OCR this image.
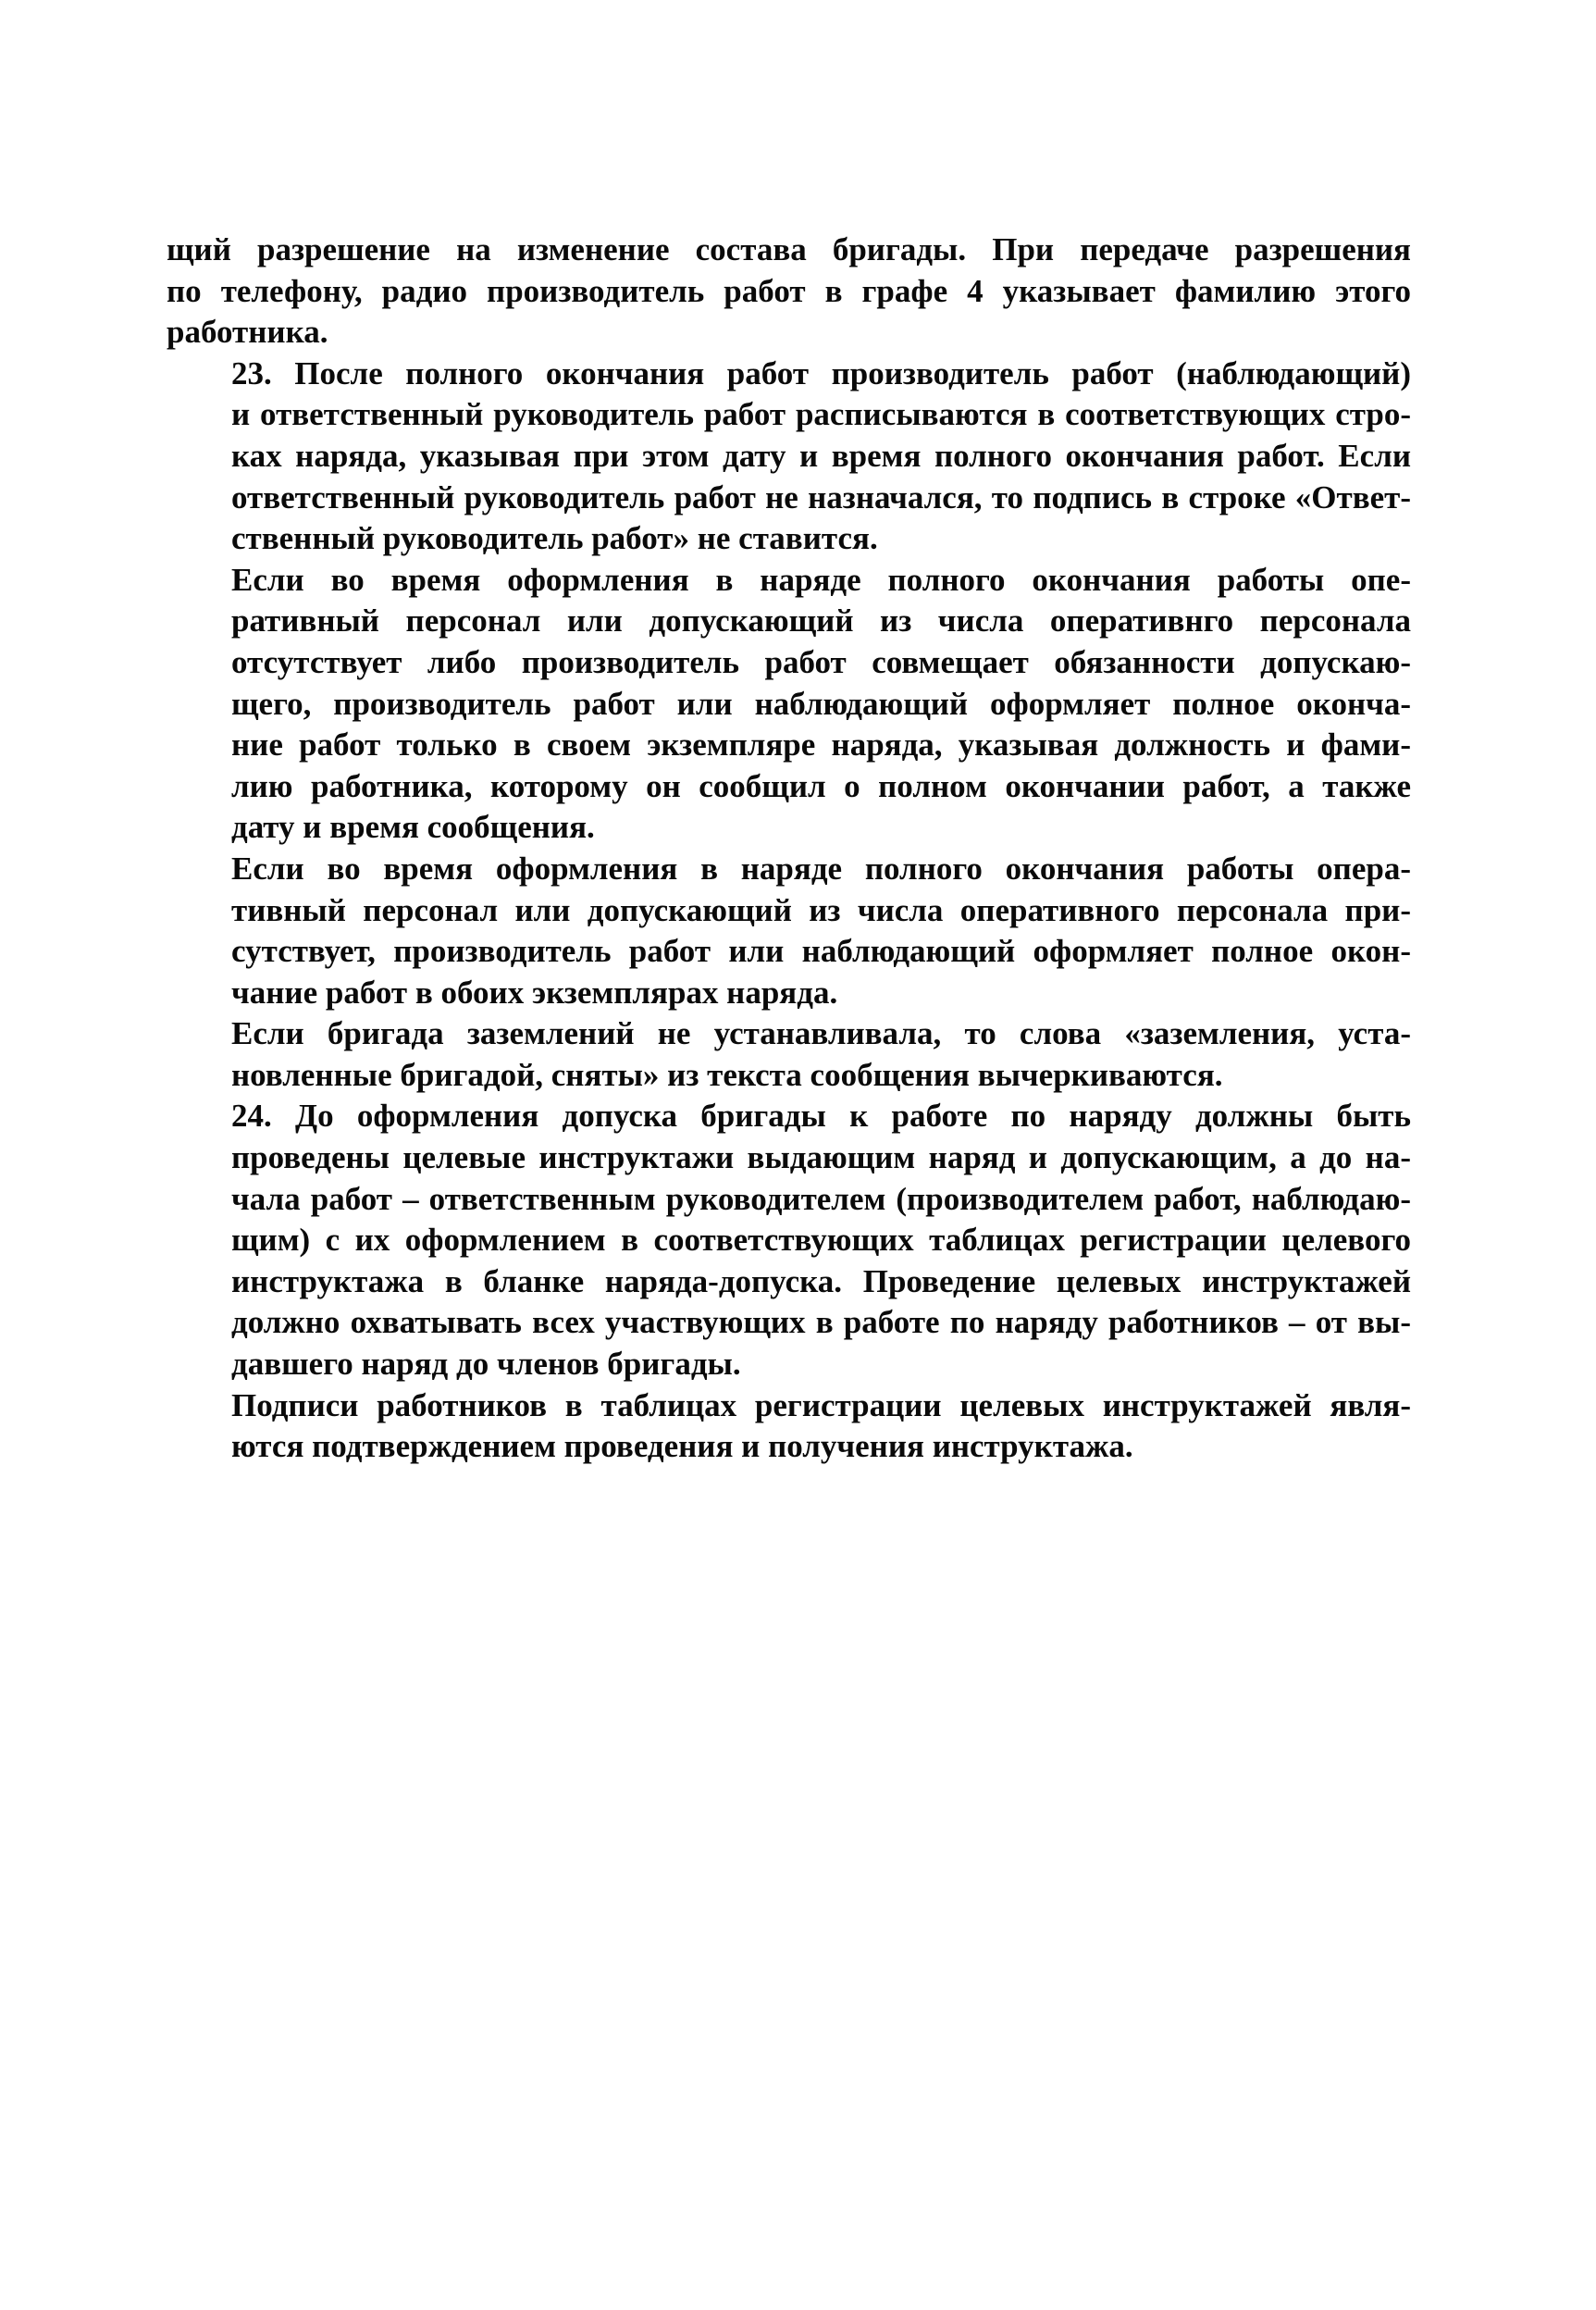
щий разрешение на изменение состава бригады. При передаче разрешения
по телефону, радио производитель работ в графе 4 указывает фамилию этого
работника.

23. После полного окончания работ производитель работ (наблюдающий)
и ответственный руководитель работ расписываются в соответствующих стро-
ках наряда, указывая при этом дату и время полного окончания работ. Если
ответственный руководитель работ не назначался, то подпись в строке «Ответ-
ственный руководитель работ» не ставится.

Если во время оформления в наряде полного окончания работы опе-
ративный персонал или допускающий из числа оперативнго персонала
отсутствует либо производитель работ совмещает обязанности допускаю-
щего, производитель работ или наблюдающий оформляет полное оконча-
ние работ только в своем экземпляре наряда, указывая должность и фами-
лию работника, которому он сообщил о полном окончании работ, а также
дату и время сообщения.

Если во время оформления в наряде полного окончания работы опера-
тивный персонал или допускающий из числа оперативного персонала при-
сутствует, производитель работ или наблюдающий оформляет полное окон-
чание работ в обоих экземплярах наряда.

Если бригада заземлений не устанавливала, то слова «заземления, уста-
новленные бригадой, сняты» из текста сообщения вычеркиваются.

24. До оформления допуска бригады к работе по наряду должны быть
проведены целевые инструктажи выдающим наряд и допускающим, а до на-
чала работ – ответственным руководителем (производителем работ, наблюдаю-
щим) с их оформлением в соответствующих таблицах регистрации целевого
инструктажа в бланке наряда-допуска. Проведение целевых инструктажей
должно охватывать всех участвующих в работе по наряду работников – от вы-
давшего наряд до членов бригады.

Подписи работников в таблицах регистрации целевых инструктажей явля-
ются подтверждением проведения и получения инструктажа.
